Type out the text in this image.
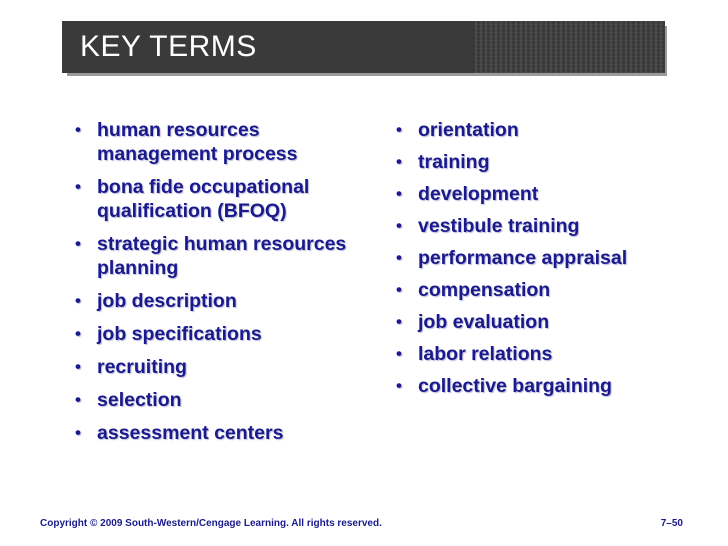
KEY TERMS
• human resources management process
• bona fide occupational qualification (BFOQ)
• strategic human resources planning
• job description
• job specifications
• recruiting
• selection
• assessment centers
• orientation
• training
• development
• vestibule training
• performance appraisal
• compensation
• job evaluation
• labor relations
• collective bargaining
Copyright © 2009 South-Western/Cengage Learning. All rights reserved.	7–50
